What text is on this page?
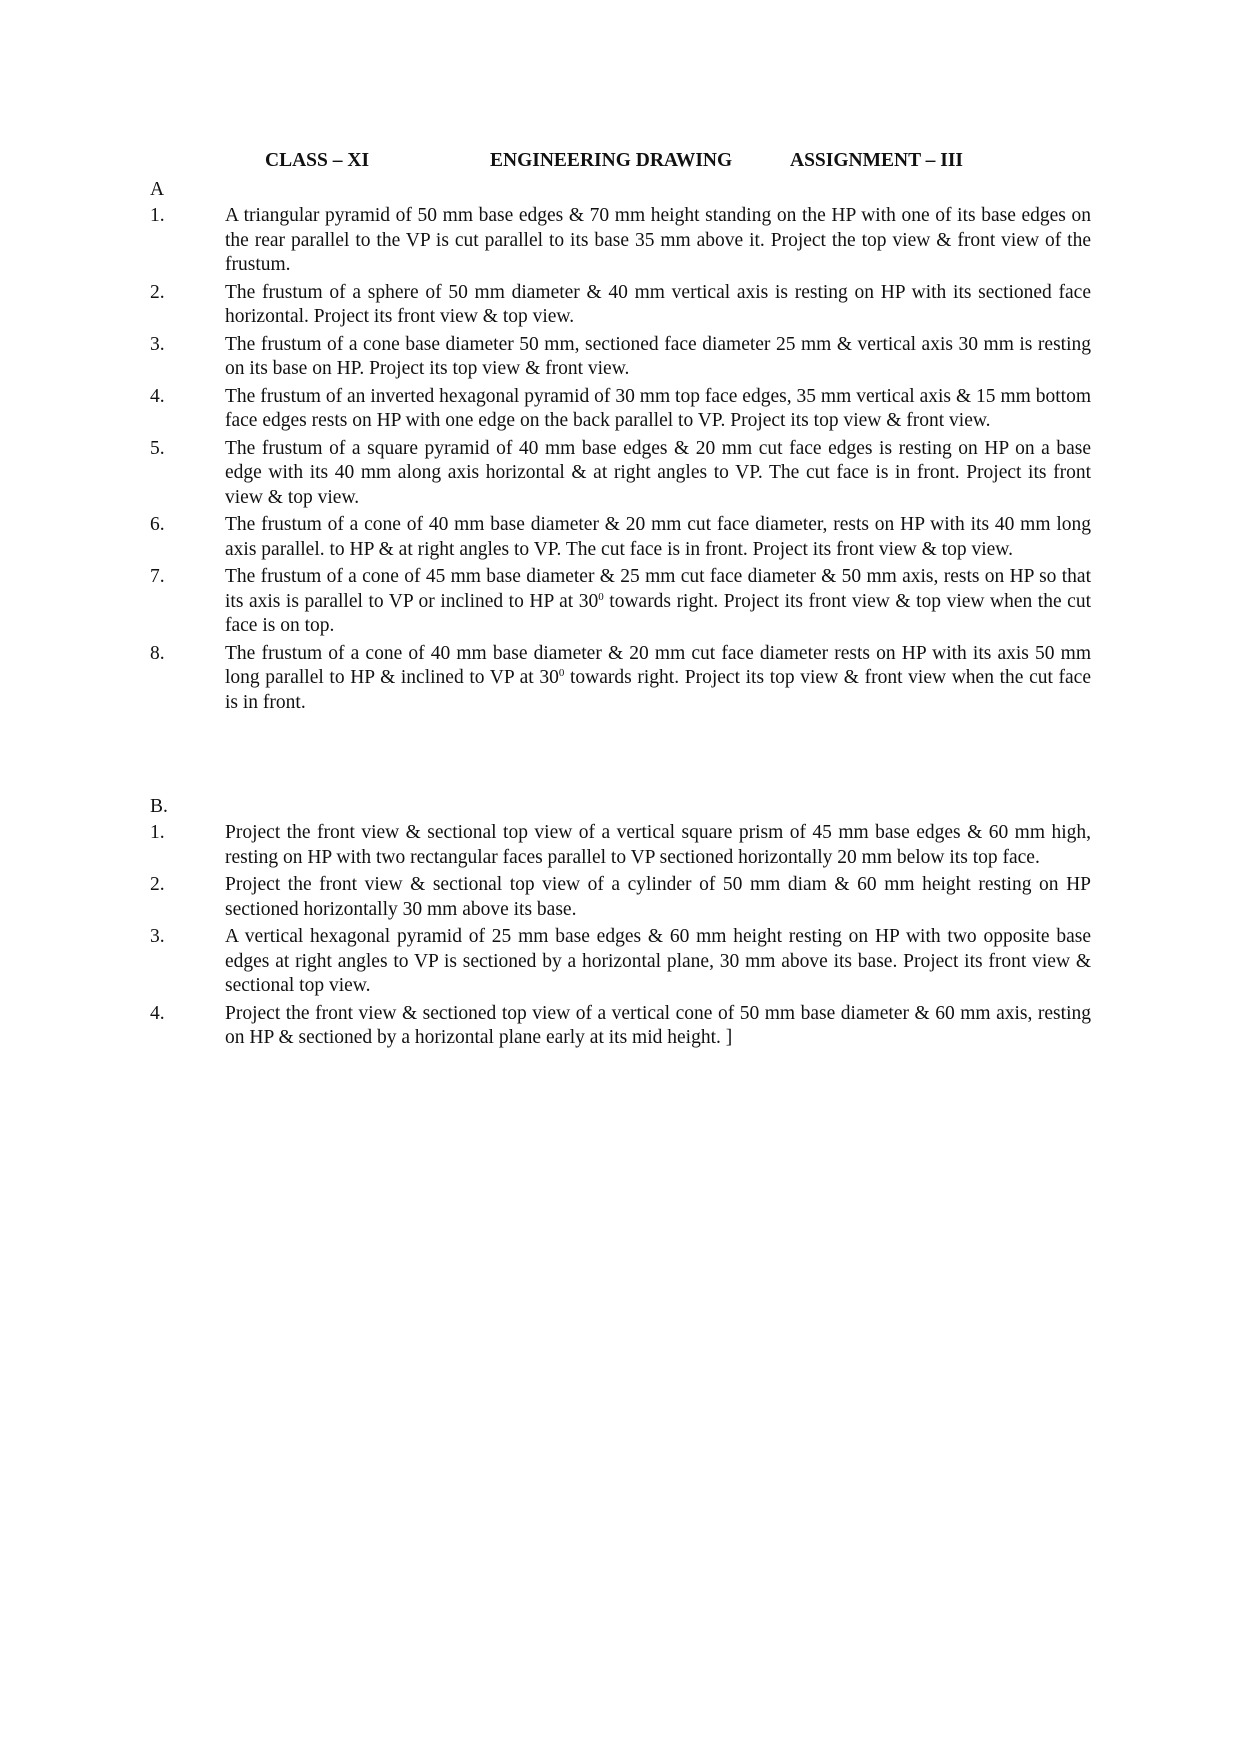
CLASS – XI	ENGINEERING DRAWING	ASSIGNMENT – III
A
1.	A triangular pyramid of 50 mm base edges & 70 mm height standing on the HP with one of its base edges on the rear parallel to the VP is cut parallel to its base 35 mm above it. Project the top view & front view of the frustum.
2.	The frustum of a sphere of 50 mm diameter & 40 mm vertical axis is resting on HP with its sectioned face horizontal. Project its front view & top view.
3.	The frustum of a cone base diameter 50 mm, sectioned face diameter 25 mm & vertical axis 30 mm is resting on its base on HP. Project its top view & front view.
4.	The frustum of an inverted hexagonal pyramid of 30 mm top face edges, 35 mm vertical axis & 15 mm bottom face edges rests on HP with one edge on the back parallel to VP. Project its top view & front view.
5.	The frustum of a square pyramid of 40 mm base edges & 20 mm cut face edges is resting on HP on a base edge with its 40 mm along axis horizontal & at right angles to VP. The cut face is in front. Project its front view & top view.
6.	The frustum of a cone of 40 mm base diameter & 20 mm cut face diameter, rests on HP with its 40 mm long axis parallel. to HP & at right angles to VP. The cut face is in front. Project its front view & top view.
7.	The frustum of a cone of 45 mm base diameter & 25 mm cut face diameter & 50 mm axis, rests on HP so that its axis is parallel to VP or inclined to HP at $30^0$ towards right. Project its front view & top view when the cut face is on top.
8.	The frustum of a cone of 40 mm base diameter & 20 mm cut face diameter rests on HP with its axis 50 mm long parallel to HP & inclined to VP at $30^0$ towards right. Project its top view & front view when the cut face is in front.
B.
1.	Project the front view & sectional top view of a vertical square prism of 45 mm base edges & 60 mm high, resting on HP with two rectangular faces parallel to VP sectioned horizontally 20 mm below its top face.
2.	Project the front view & sectional top view of a cylinder of 50 mm diam & 60 mm height resting on HP sectioned horizontally 30 mm above its base.
3.	A vertical hexagonal pyramid of 25 mm base edges & 60 mm height resting on HP with two opposite base edges at right angles to VP is sectioned by a horizontal plane, 30 mm above its base. Project its front view & sectional top view.
4.	Project the front view & sectioned top view of a vertical cone of 50 mm base diameter & 60 mm axis, resting on HP & sectioned by a horizontal plane early at its mid height. ]
